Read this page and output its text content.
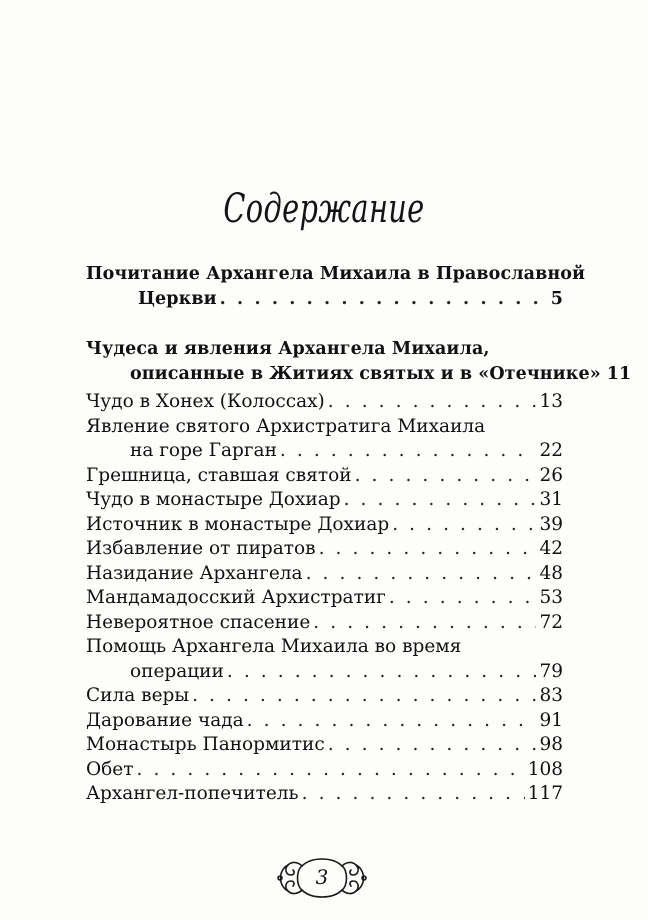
Содержание
Почитание Архангела Михаила в Православной
Церкви . . .	5
Чудеса и явления Архангела Михаила,
описанные в Житиях святых и в «Отечнике» 11
Чудо в Хонех (Колоссах) . . .	13
Явление святого Архистратига Михаила
на горе Гарган . . .	22
Грешница, ставшая святой . . .	26
Чудо в монастыре Дохиар . . .	31
Источник в монастыре Дохиар . . .	39
Избавление от пиратов . . .	42
Назидание Архангела . . .	48
Мандамадосский Архистратиг . . .	53
Невероятное спасение . . .	72
Помощь Архангела Михаила во время
операции . . .	79
Сила веры . . .	83
Дарование чада . . .	91
Монастырь Панормитис . . .	98
Обет . . .	108
Архангел-попечитель . . .	117
3
